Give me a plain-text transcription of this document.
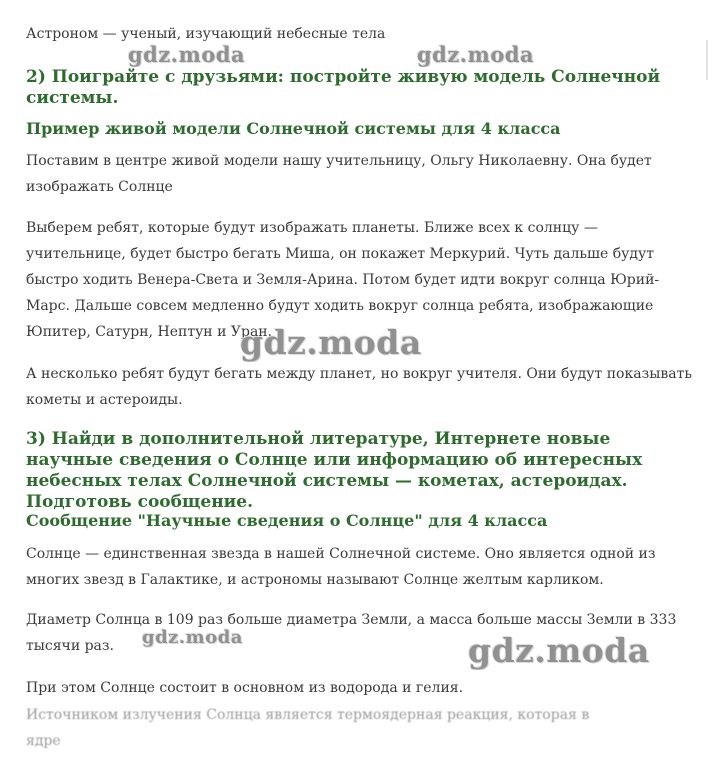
Астроном — ученый, изучающий небесные тела

2) Поиграйте с друзьями: постройте живую модель Солнечной системы.
Пример живой модели Солнечной системы для 4 класса

Поставим в центре живой модели нашу учительницу, Ольгу Николаевну. Она будет изображать Солнце

Выберем ребят, которые будут изображать планеты. Ближе всех к солнцу — учительнице, будет быстро бегать Миша, он покажет Меркурий. Чуть дальше будут быстро ходить Венера-Света и Земля-Арина. Потом будет идти вокруг солнца Юрий-Марс. Дальше совсем медленно будут ходить вокруг солнца ребята, изображающие Юпитер, Сатурн, Нептун и Уран.

А несколько ребят будут бегать между планет, но вокруг учителя. Они будут показывать кометы и астероиды.

3) Найди в дополнительной литературе, Интернете новые научные сведения о Солнце или информацию об интересных небесных телах Солнечной системы — кометах, астероидах. Подготовь сообщение.
Сообщение "Научные сведения о Солнце" для 4 класса

Солнце — единственная звезда в нашей Солнечной системе. Оно является одной из многих звезд в Галактике, и астрономы называют Солнце желтым карликом.

Диаметр Солнца в 109 раз больше диаметра Земли, а масса больше массы Земли в 333 тысячи раз.

При этом Солнце состоит в основном из водорода и гелия.

Источником излучения Солнца является термоядерная реакция, которая в ядре
gdz.moda	gdz.moda
gdz.moda
gdz.moda	gdz.moda
